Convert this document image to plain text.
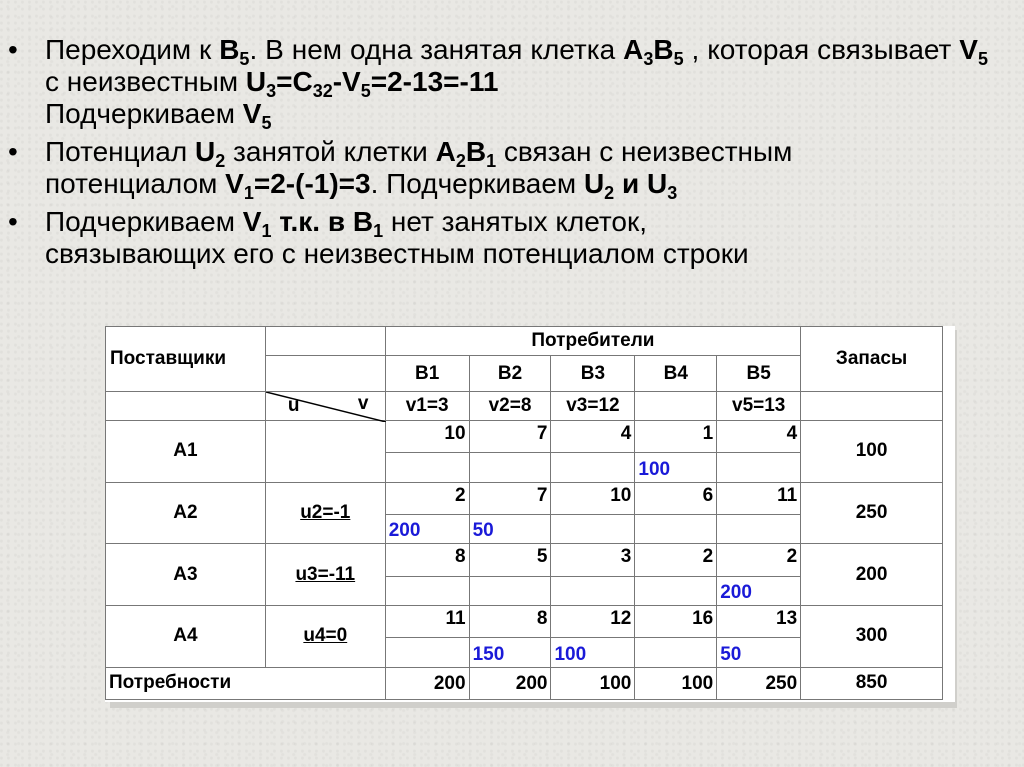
• Переходим к $B_5$. В нем одна занятая клетка $A_3B_5$ , которая связывает $V_5$ с неизвестным $U_3=C_{32}-V_5=2-13=-11$
Подчеркиваем $V_5$
• Потенциал $U_2$ занятой клетки $A_2B_1$ связан с неизвестным
потенциалом $V_1=2-(-1)=3$. Подчеркиваем $U_2$ и $U_3$
• Подчеркиваем $V_1$ т.к. в $B_1$ нет занятых клеток,
связывающих его с неизвестным потенциалом строки
Поставщики		Потребители					Запасы
		B1	B2	B3	B4	B5	

	u v	v1=3	v2=8	v3=12		v5=13	
A1		10	7	4	1	4	100
					100		
A2	u2=-1	2	7	10	6	11	250
		200	50				
A3	u3=-11	8	5	3	2	2	200
						200	
A4	u4=0	11	8	12	16	13	300
			150	100		50	
Потребности		200	200	100	100	250	850
